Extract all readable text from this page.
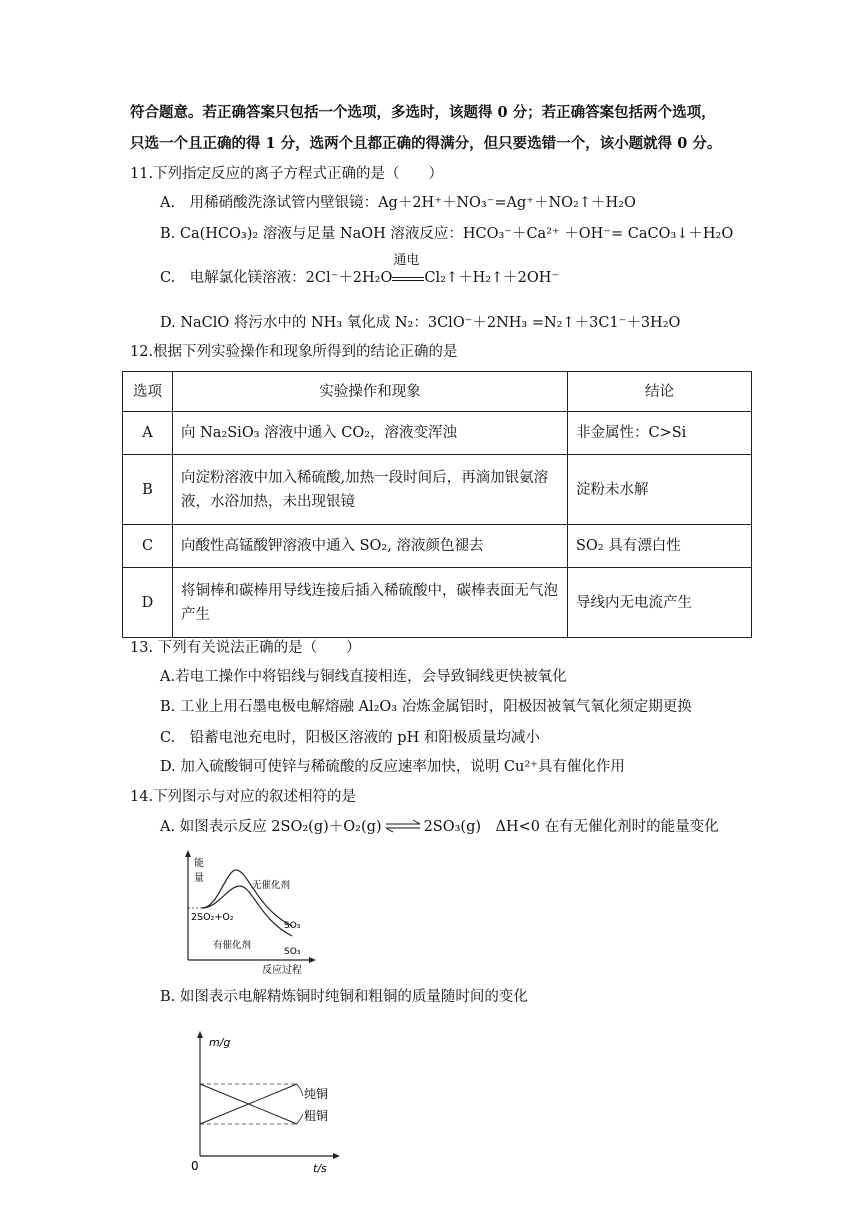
符合题意。若正确答案只包括一个选项，多选时，该题得 0 分；若正确答案包括两个选项，
只选一个且正确的得 1 分，选两个且都正确的得满分，但只要选错一个，该小题就得 0 分。
11.下列指定反应的离子方程式正确的是（　　）
A.　用稀硝酸洗涤试管内壁银镜：Ag＋2H⁺＋NO₃⁻=Ag⁺＋NO₂↑＋H₂O
B. Ca(HCO₃)₂ 溶液与足量 NaOH 溶液反应：HCO₃⁻＋Ca²⁺ ＋OH⁻= CaCO₃↓＋H₂O
C.　电解氯化镁溶液：2Cl⁻＋2H₂O
通电
Cl₂↑＋H₂↑＋2OH⁻
D. NaClO 将污水中的 NH₃ 氧化成 N₂：3ClO⁻＋2NH₃ =N₂↑＋3C1⁻＋3H₂O
12.根据下列实验操作和现象所得到的结论正确的是
选项	实验操作和现象	结论
A	向 Na₂SiO₃ 溶液中通入 CO₂，溶液变浑浊	非金属性：C>Si
B	向淀粉溶液中加入稀硫酸,加热一段时间后，再滴加银氨溶液，水浴加热，未出现银镜	淀粉未水解
C	向酸性高锰酸钾溶液中通入 SO₂, 溶液颜色褪去	SO₂ 具有漂白性
D	将铜棒和碳棒用导线连接后插入稀硫酸中，碳棒表面无气泡产生	导线内无电流产生
13. 下列有关说法正确的是（　　）
A.若电工操作中将铝线与铜线直接相连，会导致铜线更快被氧化
B. 工业上用石墨电极电解熔融 Al₂O₃ 冶炼金属铝时，阳极因被氧气氧化须定期更换
C.　铅蓄电池充电时，阳极区溶液的 pH 和阳极质量均减小
D. 加入硫酸铜可使锌与稀硫酸的反应速率加快，说明 Cu²⁺具有催化作用
14.下列图示与对应的叙述相符的是
A. 如图表示反应 2SO₂(g)＋O₂(g) ⇌ 2SO₃(g)　ΔH<0 在有无催化剂时的能量变化
能
量
无催化剂
2SO₂+O₂
SO₃
SO₃
有催化剂
反应过程
B. 如图表示电解精炼铜时纯铜和粗铜的质量随时间的变化
m/g
0	t/s
纯铜
粗铜
